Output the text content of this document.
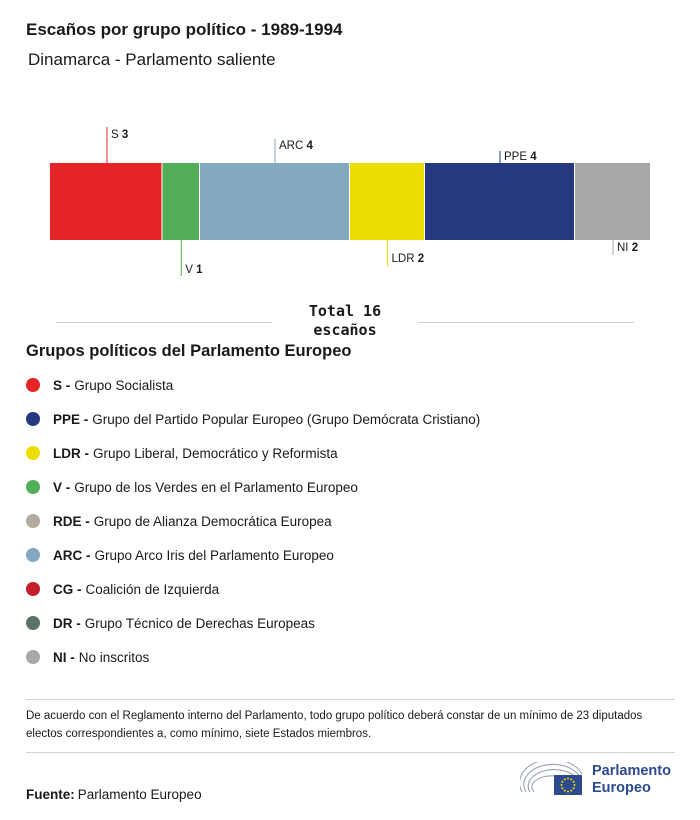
Escaños por grupo político - 1989-1994
Dinamarca - Parlamento saliente
S 3
V 1
ARC 4
LDR 2
PPE 4
NI 2
Total 16
escaños
Grupos políticos del Parlamento Europeo
S - Grupo Socialista
PPE - Grupo del Partido Popular Europeo (Grupo Demócrata Cristiano)
LDR - Grupo Liberal, Democrático y Reformista
V - Grupo de los Verdes en el Parlamento Europeo
RDE - Grupo de Alianza Democrática Europea
ARC - Grupo Arco Iris del Parlamento Europeo
CG - Coalición de Izquierda
DR - Grupo Técnico de Derechas Europeas
NI - No inscritos
De acuerdo con el Reglamento interno del Parlamento, todo grupo político deberá constar de un mínimo de 23 diputados electos correspondientes a, como mínimo, siete Estados miembros.
Fuente: Parlamento Europeo
Parlamento
Europeo
